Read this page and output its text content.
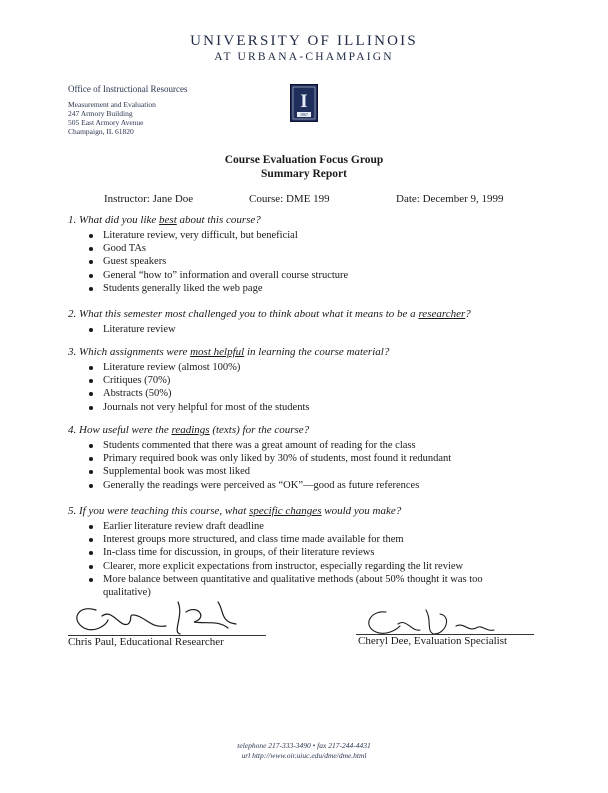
UNIVERSITY OF ILLINOIS
AT URBANA-CHAMPAIGN
Office of Instructional Resources
Measurement and Evaluation
247 Armory Building
505 East Armory Avenue
Champaign, IL 61820
I
1867
Course Evaluation Focus Group
Summary Report
Instructor: Jane Doe	Course: DME 199	Date: December 9, 1999

1. What did you like best about this course?

Literature review, very difficult, but beneficial
Good TAs
Guest speakers
General “how to” information and overall course structure
Students generally liked the web page

2. What this semester most challenged you to think about what it means to be a researcher?

Literature review

3. Which assignments were most helpful in learning the course material?

Literature review (almost 100%)
Critiques (70%)
Abstracts (50%)
Journals not very helpful for most of the students

4. How useful were the readings (texts) for the course?

Students commented that there was a great amount of reading for the class
Primary required book was only liked by 30% of students, most found it redundant
Supplemental book was most liked
Generally the readings were perceived as “OK”—good as future references

5. If you were teaching this course, what specific changes would you make?

Earlier literature review draft deadline
Interest groups more structured, and class time made available for them
In-class time for discussion, in groups, of their literature reviews
Clearer, more explicit expectations from instructor, especially regarding the lit review
More balance between quantitative and qualitative methods (about 50% thought it was too qualitative)
Chris Paul, Educational Researcher	Cheryl Dee, Evaluation Specialist
telephone 217-333-3490 • fax 217-244-4431
url http://www.oir.uiuc.edu/dme/dme.html
